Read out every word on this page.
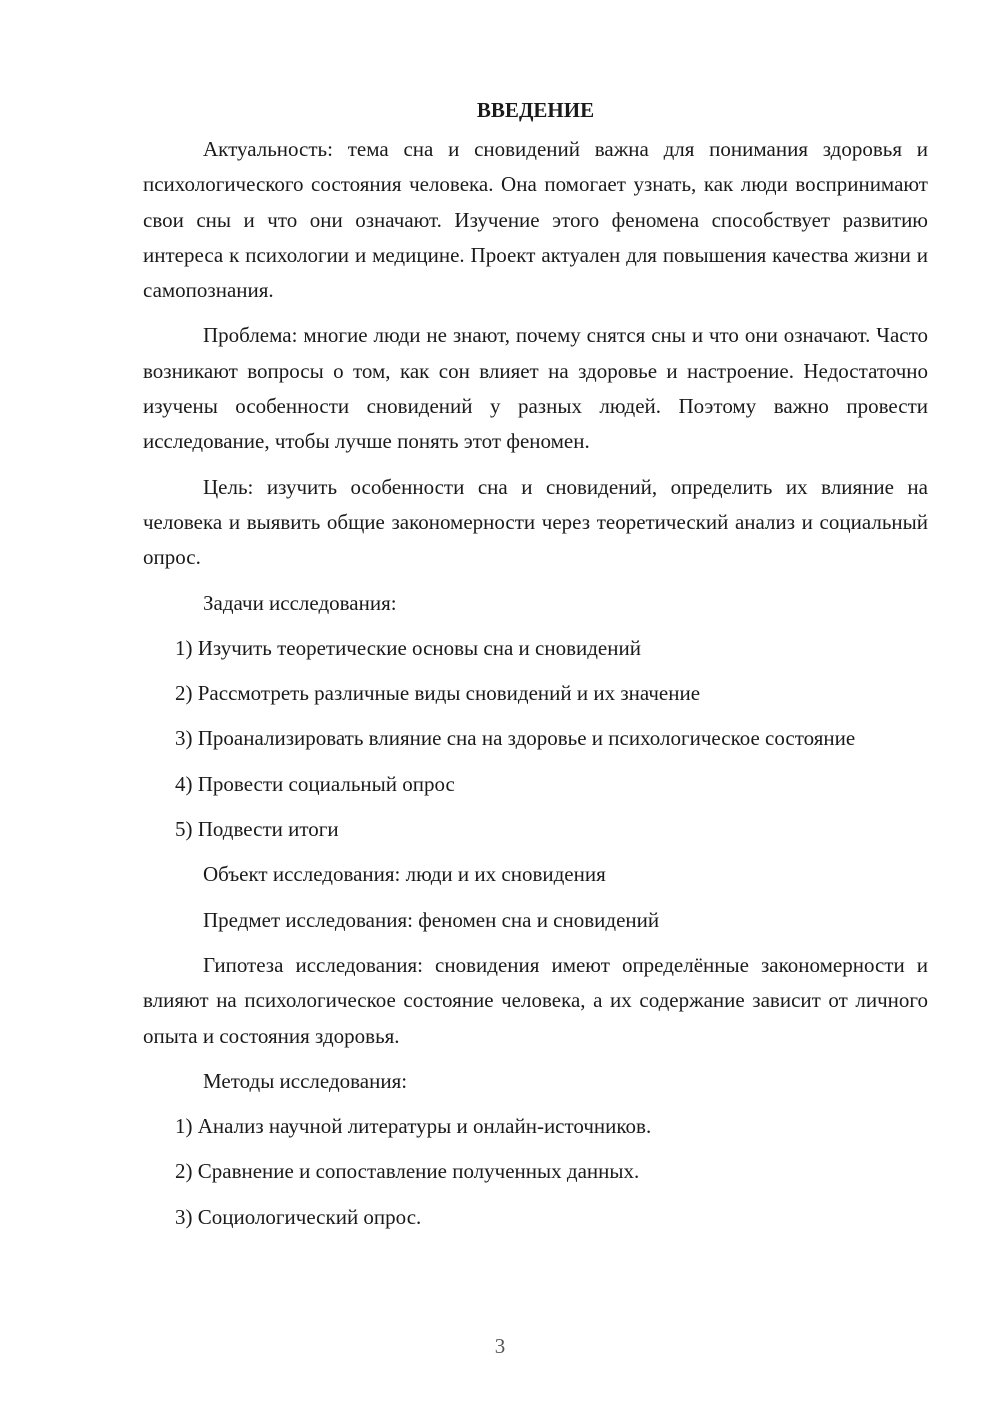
ВВЕДЕНИЕ

Актуальность: тема сна и сновидений важна для понимания здоровья и психологического состояния человека. Она помогает узнать, как люди воспринимают свои сны и что они означают. Изучение этого феномена способствует развитию интереса к психологии и медицине. Проект актуален для повышения качества жизни и самопознания.

Проблема: многие люди не знают, почему снятся сны и что они означают. Часто возникают вопросы о том, как сон влияет на здоровье и настроение. Недостаточно изучены особенности сновидений у разных людей. Поэтому важно провести исследование, чтобы лучше понять этот феномен.

Цель: изучить особенности сна и сновидений, определить их влияние на человека и выявить общие закономерности через теоретический анализ и социальный опрос.

Задачи исследования:
1) Изучить теоретические основы сна и сновидений
2) Рассмотреть различные виды сновидений и их значение
3) Проанализировать влияние сна на здоровье и психологическое состояние
4) Провести социальный опрос
5) Подвести итоги
Объект исследования: люди и их сновидения
Предмет исследования: феномен сна и сновидений

Гипотеза исследования: сновидения имеют определённые закономерности и влияют на психологическое состояние человека, а их содержание зависит от личного опыта и состояния здоровья.

Методы исследования:
1) Анализ научной литературы и онлайн-источников.
2) Сравнение и сопоставление полученных данных.
3) Социологический опрос.
3
